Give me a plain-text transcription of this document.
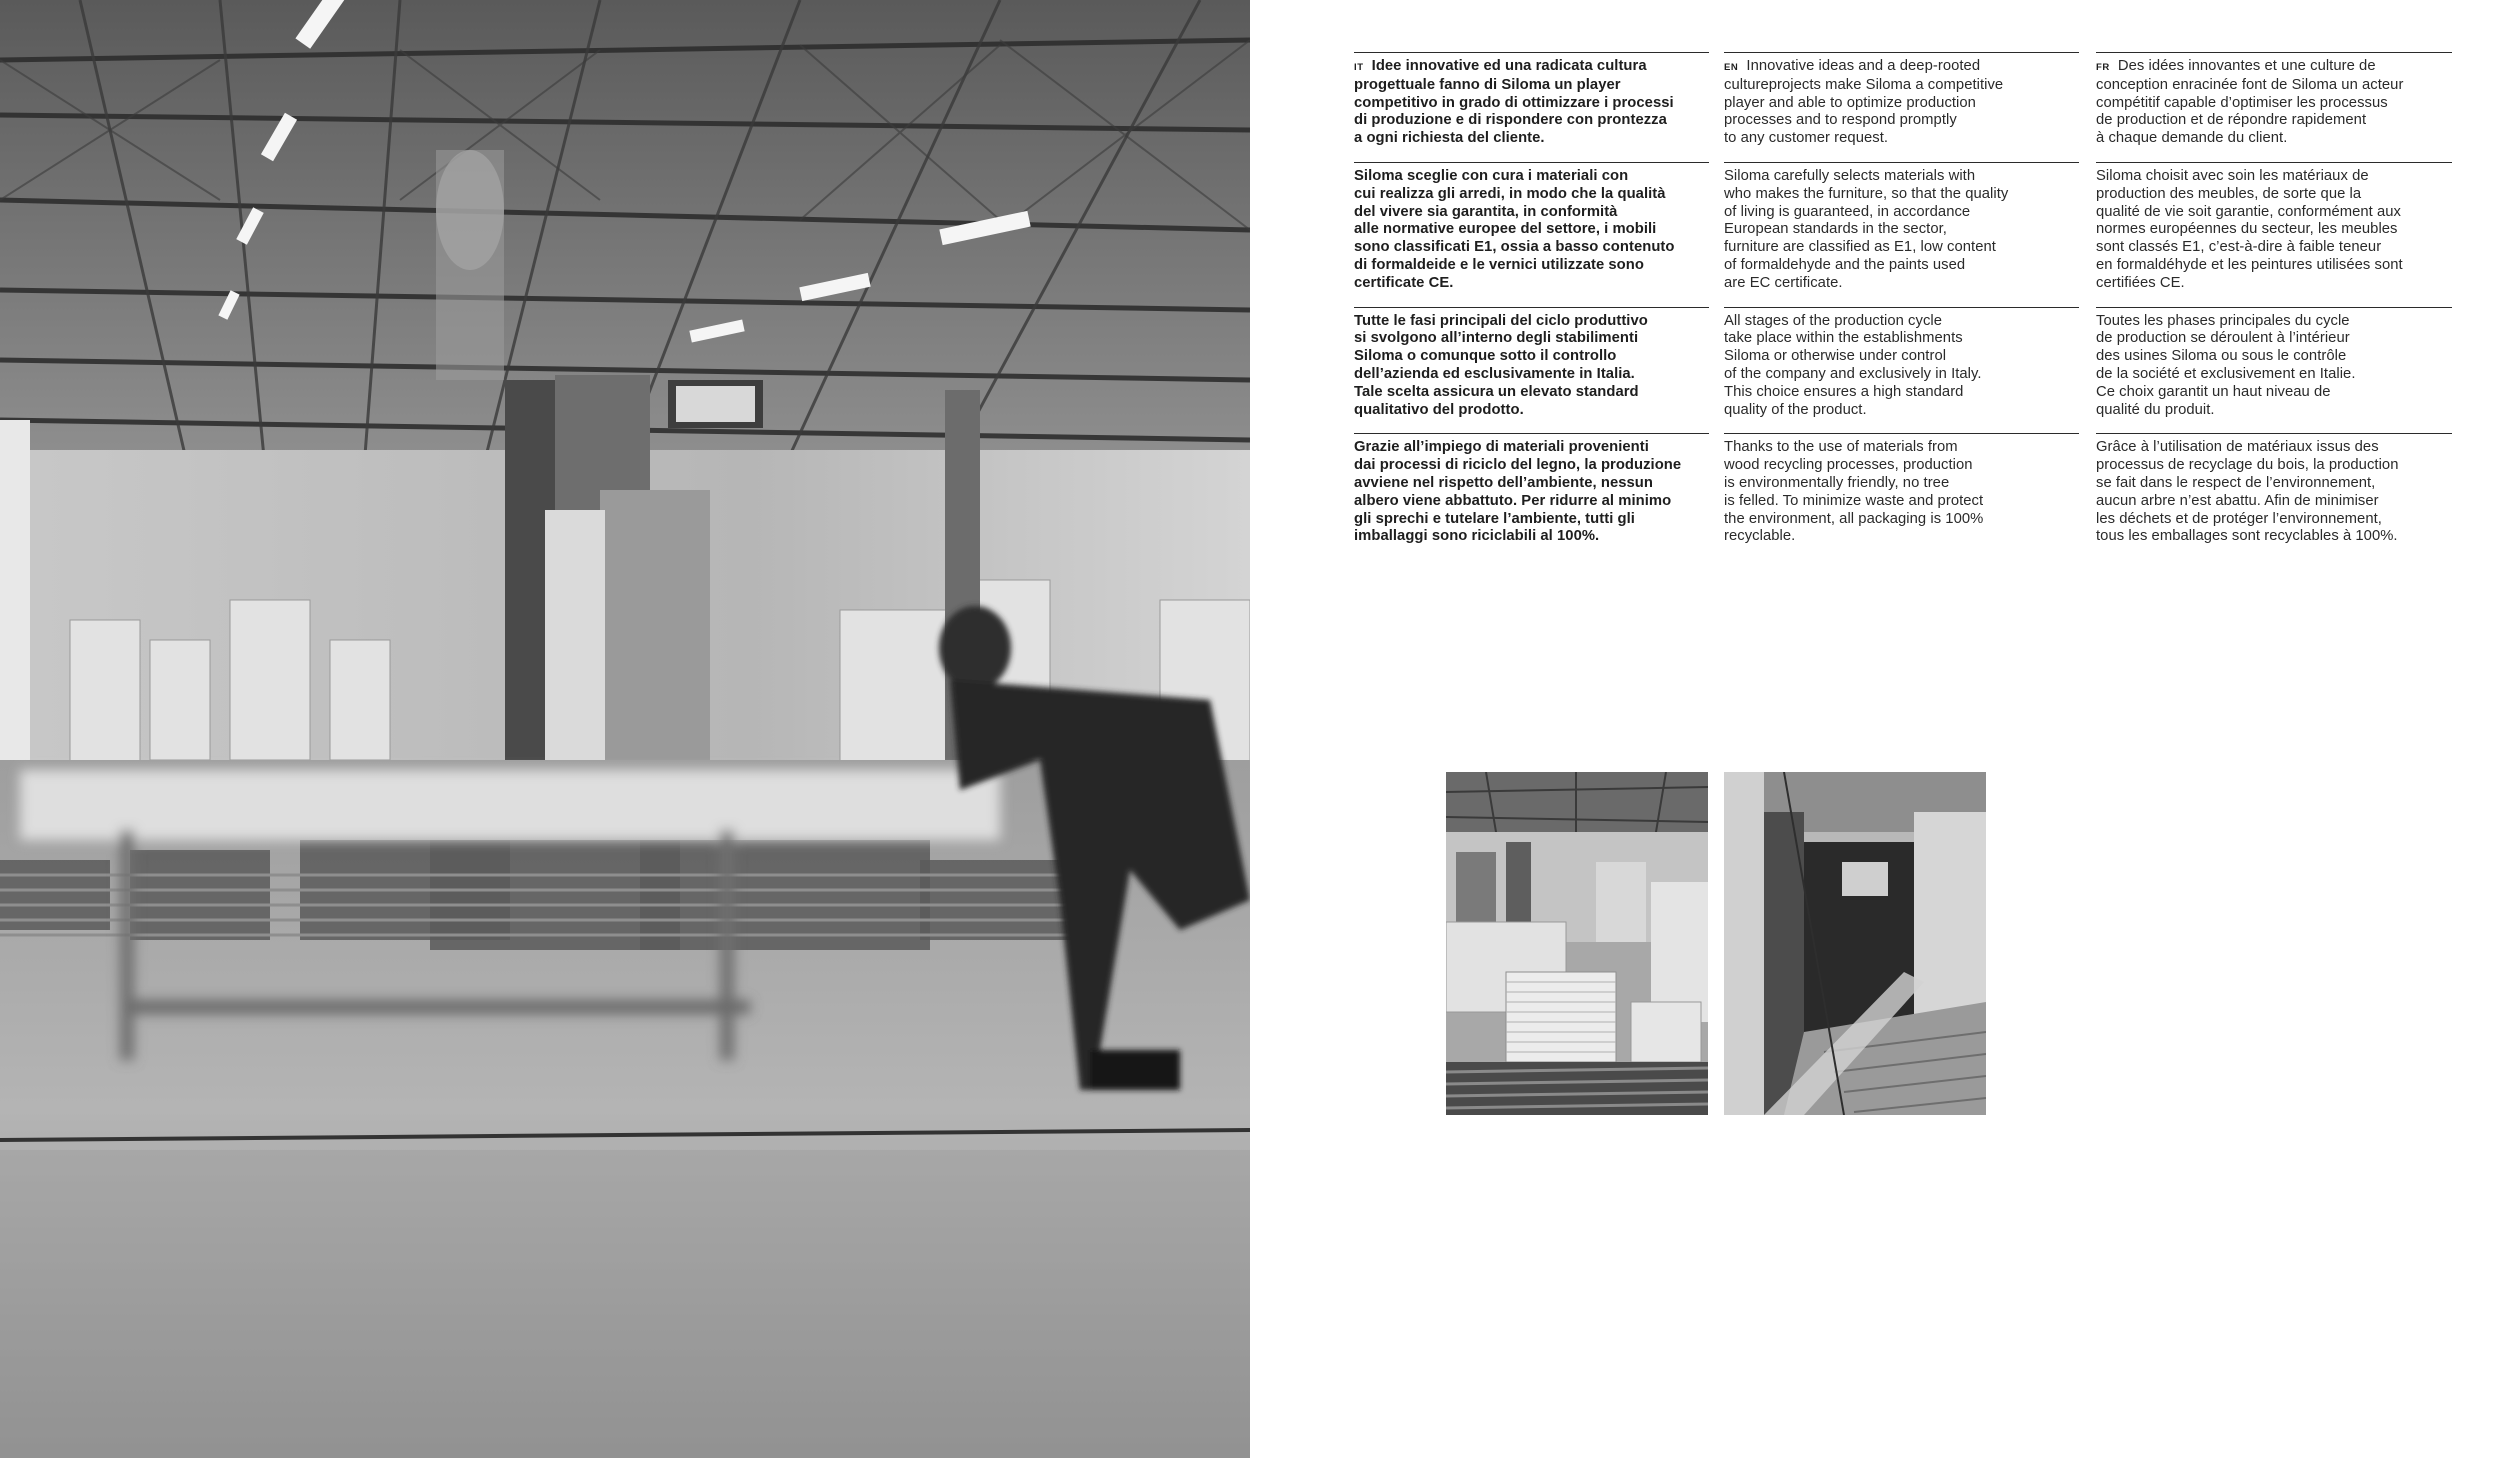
IT Idee innovative ed una radicata cultura
progettuale fanno di Siloma un player
competitivo in grado di ottimizzare i processi
di produzione e di rispondere con prontezza
a ogni richiesta del cliente.

Siloma sceglie con cura i materiali con
cui realizza gli arredi, in modo che la qualità
del vivere sia garantita, in conformità
alle normative europee del settore, i mobili
sono classificati E1, ossia a basso contenuto
di formaldeide e le vernici utilizzate sono
certificate CE.

Tutte le fasi principali del ciclo produttivo
si svolgono all’interno degli stabilimenti
Siloma o comunque sotto il controllo
dell’azienda ed esclusivamente in Italia.
Tale scelta assicura un elevato standard
qualitativo del prodotto.

Grazie all’impiego di materiali provenienti
dai processi di riciclo del legno, la produzione
avviene nel rispetto dell’ambiente, nessun
albero viene abbattuto. Per ridurre al minimo
gli sprechi e tutelare l’ambiente, tutti gli
imballaggi sono riciclabili al 100%.

EN Innovative ideas and a deep-rooted
cultureprojects make Siloma a competitive
player and able to optimize production
processes and to respond promptly
to any customer request.

Siloma carefully selects materials with
who makes the furniture, so that the quality
of living is guaranteed, in accordance
European standards in the sector,
furniture are classified as E1, low content
of formaldehyde and the paints used
are EC certificate.

All stages of the production cycle
take place within the establishments
Siloma or otherwise under control
of the company and exclusively in Italy.
This choice ensures a high standard
quality of the product.

Thanks to the use of materials from
wood recycling processes, production
is environmentally friendly, no tree
is felled. To minimize waste and protect
the environment, all packaging is 100%
recyclable.

FR Des idées innovantes et une culture de
conception enracinée font de Siloma un acteur
compétitif capable d’optimiser les processus
de production et de répondre rapidement
à chaque demande du client.

Siloma choisit avec soin les matériaux de
production des meubles, de sorte que la
qualité de vie soit garantie, conformément aux
normes européennes du secteur, les meubles
sont classés E1, c’est-à-dire à faible teneur
en formaldéhyde et les peintures utilisées sont
certifiées CE.

Toutes les phases principales du cycle
de production se déroulent à l’intérieur
des usines Siloma ou sous le contrôle
de la société et exclusivement en Italie.
Ce choix garantit un haut niveau de
qualité du produit.

Grâce à l’utilisation de matériaux issus des
processus de recyclage du bois, la production
se fait dans le respect de l’environnement,
aucun arbre n’est abattu. Afin de minimiser
les déchets et de protéger l’environnement,
tous les emballages sont recyclables à 100%.
